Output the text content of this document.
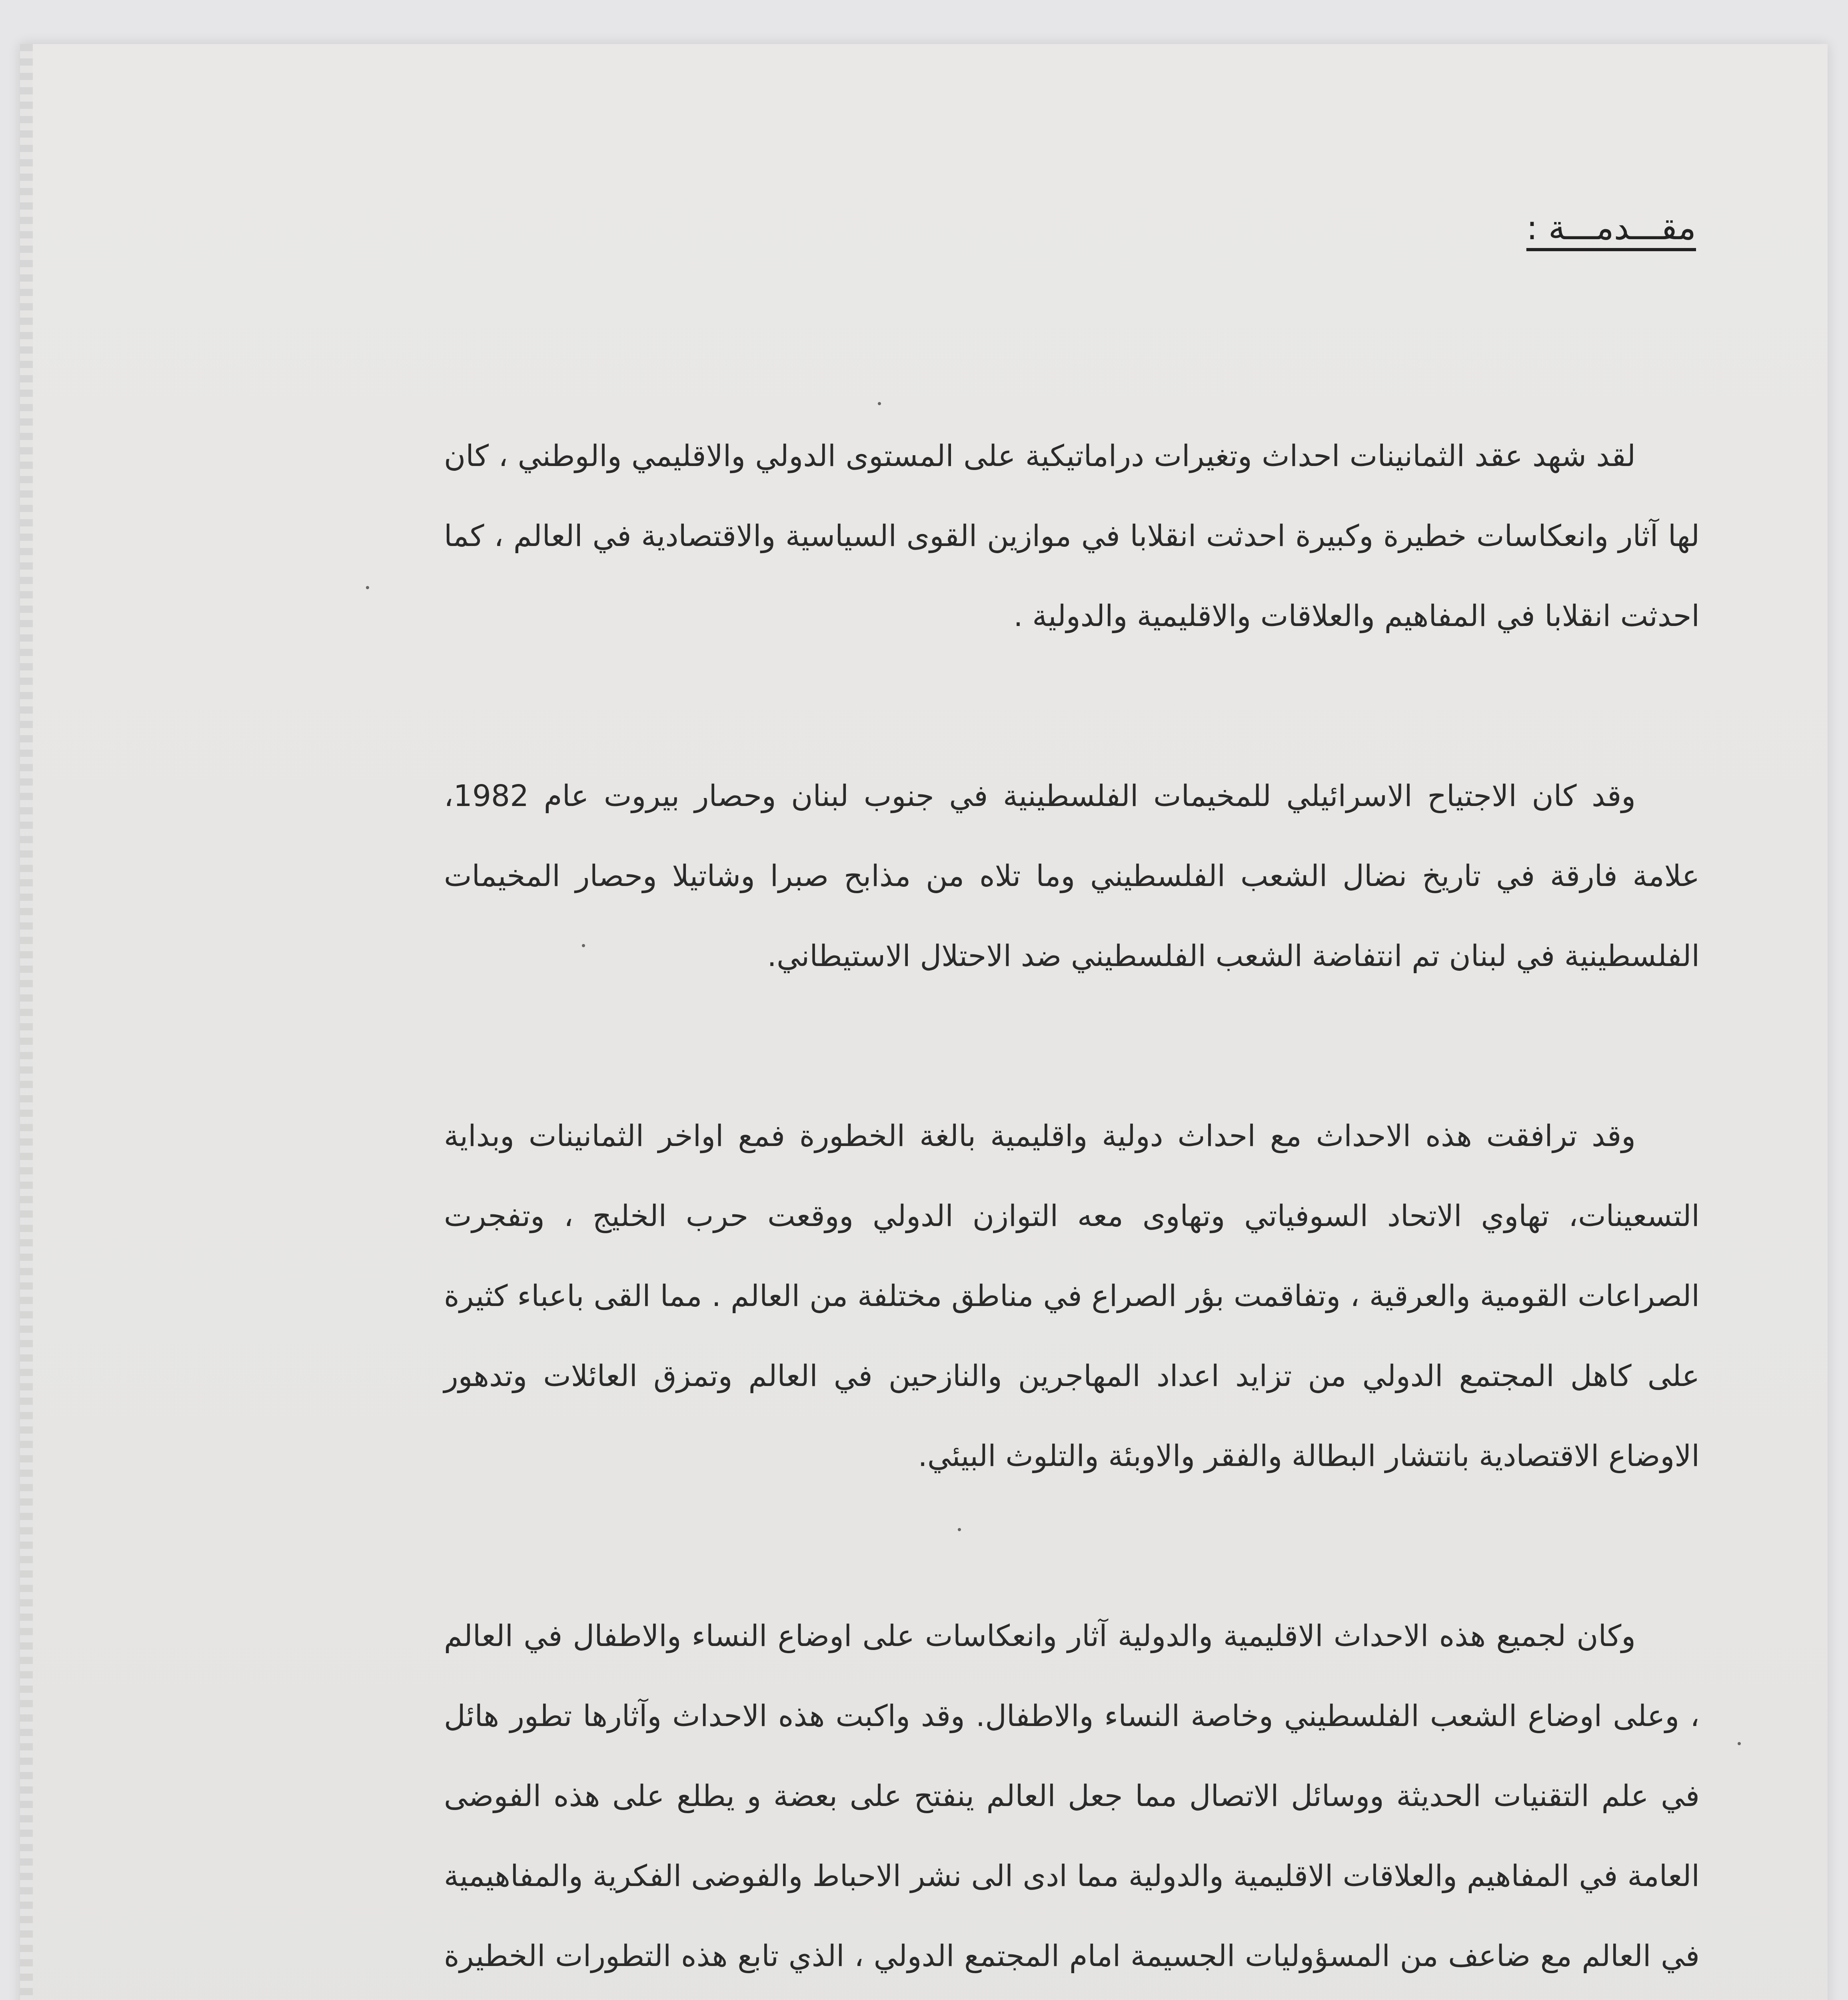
مقـــدمـــة :

لقد شهد عقد الثمانينات احداث وتغيرات دراماتيكية على المستوى الدولي والاقليمي والوطني ، كان لها آثار وانعكاسات خطيرة وكبيرة احدثت انقلابا في موازين القوى السياسية والاقتصادية في العالم ، كما احدثت انقلابا في المفاهيم والعلاقات والاقليمية والدولية .

وقد كان الاجتياح الاسرائيلي للمخيمات الفلسطينية في جنوب لبنان وحصار بيروت عام 1982، علامة فارقة في تاريخ نضال الشعب الفلسطيني وما تلاه من مذابح صبرا وشاتيلا وحصار المخيمات الفلسطينية في لبنان تم انتفاضة الشعب الفلسطيني ضد الاحتلال الاستيطاني.

وقد ترافقت هذه الاحداث مع احداث دولية واقليمية بالغة الخطورة فمع اواخر الثمانينات وبداية التسعينات، تهاوي الاتحاد السوفياتي وتهاوى معه التوازن الدولي ووقعت حرب الخليج ، وتفجرت الصراعات القومية والعرقية ، وتفاقمت بؤر الصراع في مناطق مختلفة من العالم . مما القى باعباء كثيرة على كاهل المجتمع الدولي من تزايد اعداد المهاجرين والنازحين في العالم وتمزق العائلات وتدهور الاوضاع الاقتصادية بانتشار البطالة والفقر والاوبئة والتلوث البيئي.

وكان لجميع هذه الاحداث الاقليمية والدولية آثار وانعكاسات على اوضاع النساء والاطفال في العالم ، وعلى اوضاع الشعب الفلسطيني وخاصة النساء والاطفال. وقد واكبت هذه الاحداث وآثارها تطور هائل في علم التقنيات الحديثة ووسائل الاتصال مما جعل العالم ينفتح على بعضة و يطلع على هذه الفوضى العامة في المفاهيم والعلاقات الاقليمية والدولية مما ادى الى نشر الاحباط والفوضى الفكرية والمفاهيمية في العالم مع ضاعف من المسؤوليات الجسيمة امام المجتمع الدولي ، الذي تابع هذه التطورات الخطيرة
